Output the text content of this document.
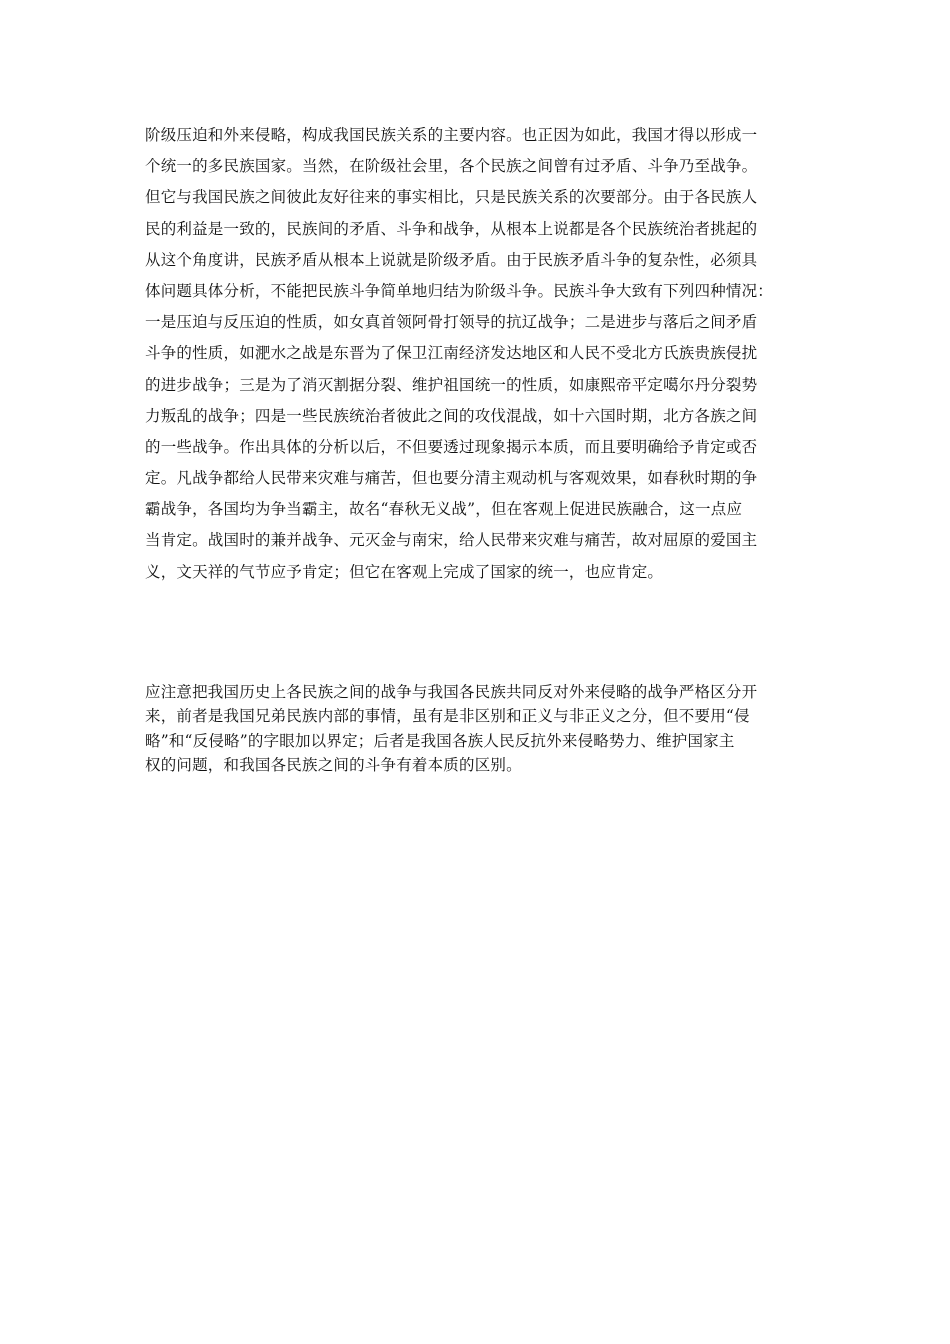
阶级压迫和外来侵略，构成我国民族关系的主要内容。也正因为如此，我国才得以形成一
个统一的多民族国家。当然，在阶级社会里，各个民族之间曾有过矛盾、斗争乃至战争。
但它与我国民族之间彼此友好往来的事实相比，只是民族关系的次要部分。由于各民族人
民的利益是一致的，民族间的矛盾、斗争和战争，从根本上说都是各个民族统治者挑起的
从这个角度讲，民族矛盾从根本上说就是阶级矛盾。由于民族矛盾斗争的复杂性，必须具
体问题具体分析，不能把民族斗争简单地归结为阶级斗争。民族斗争大致有下列四种情况：
一是压迫与反压迫的性质，如女真首领阿骨打领导的抗辽战争；二是进步与落后之间矛盾
斗争的性质，如淝水之战是东晋为了保卫江南经济发达地区和人民不受北方氏族贵族侵扰
的进步战争；三是为了消灭割据分裂、维护祖国统一的性质，如康熙帝平定噶尔丹分裂势
力叛乱的战争；四是一些民族统治者彼此之间的攻伐混战，如十六国时期，北方各族之间
的一些战争。作出具体的分析以后，不但要透过现象揭示本质，而且要明确给予肯定或否
定。凡战争都给人民带来灾难与痛苦，但也要分清主观动机与客观效果，如春秋时期的争
霸战争，各国均为争当霸主，故名“春秋无义战”，但在客观上促进民族融合，这一点应
当肯定。战国时的兼并战争、元灭金与南宋，给人民带来灾难与痛苦，故对屈原的爱国主
义，文天祥的气节应予肯定；但它在客观上完成了国家的统一，也应肯定。
应注意把我国历史上各民族之间的战争与我国各民族共同反对外来侵略的战争严格区分开
来，前者是我国兄弟民族内部的事情，虽有是非区别和正义与非正义之分，但不要用“侵
略”和“反侵略”的字眼加以界定；后者是我国各族人民反抗外来侵略势力、维护国家主
权的问题，和我国各民族之间的斗争有着本质的区别。
